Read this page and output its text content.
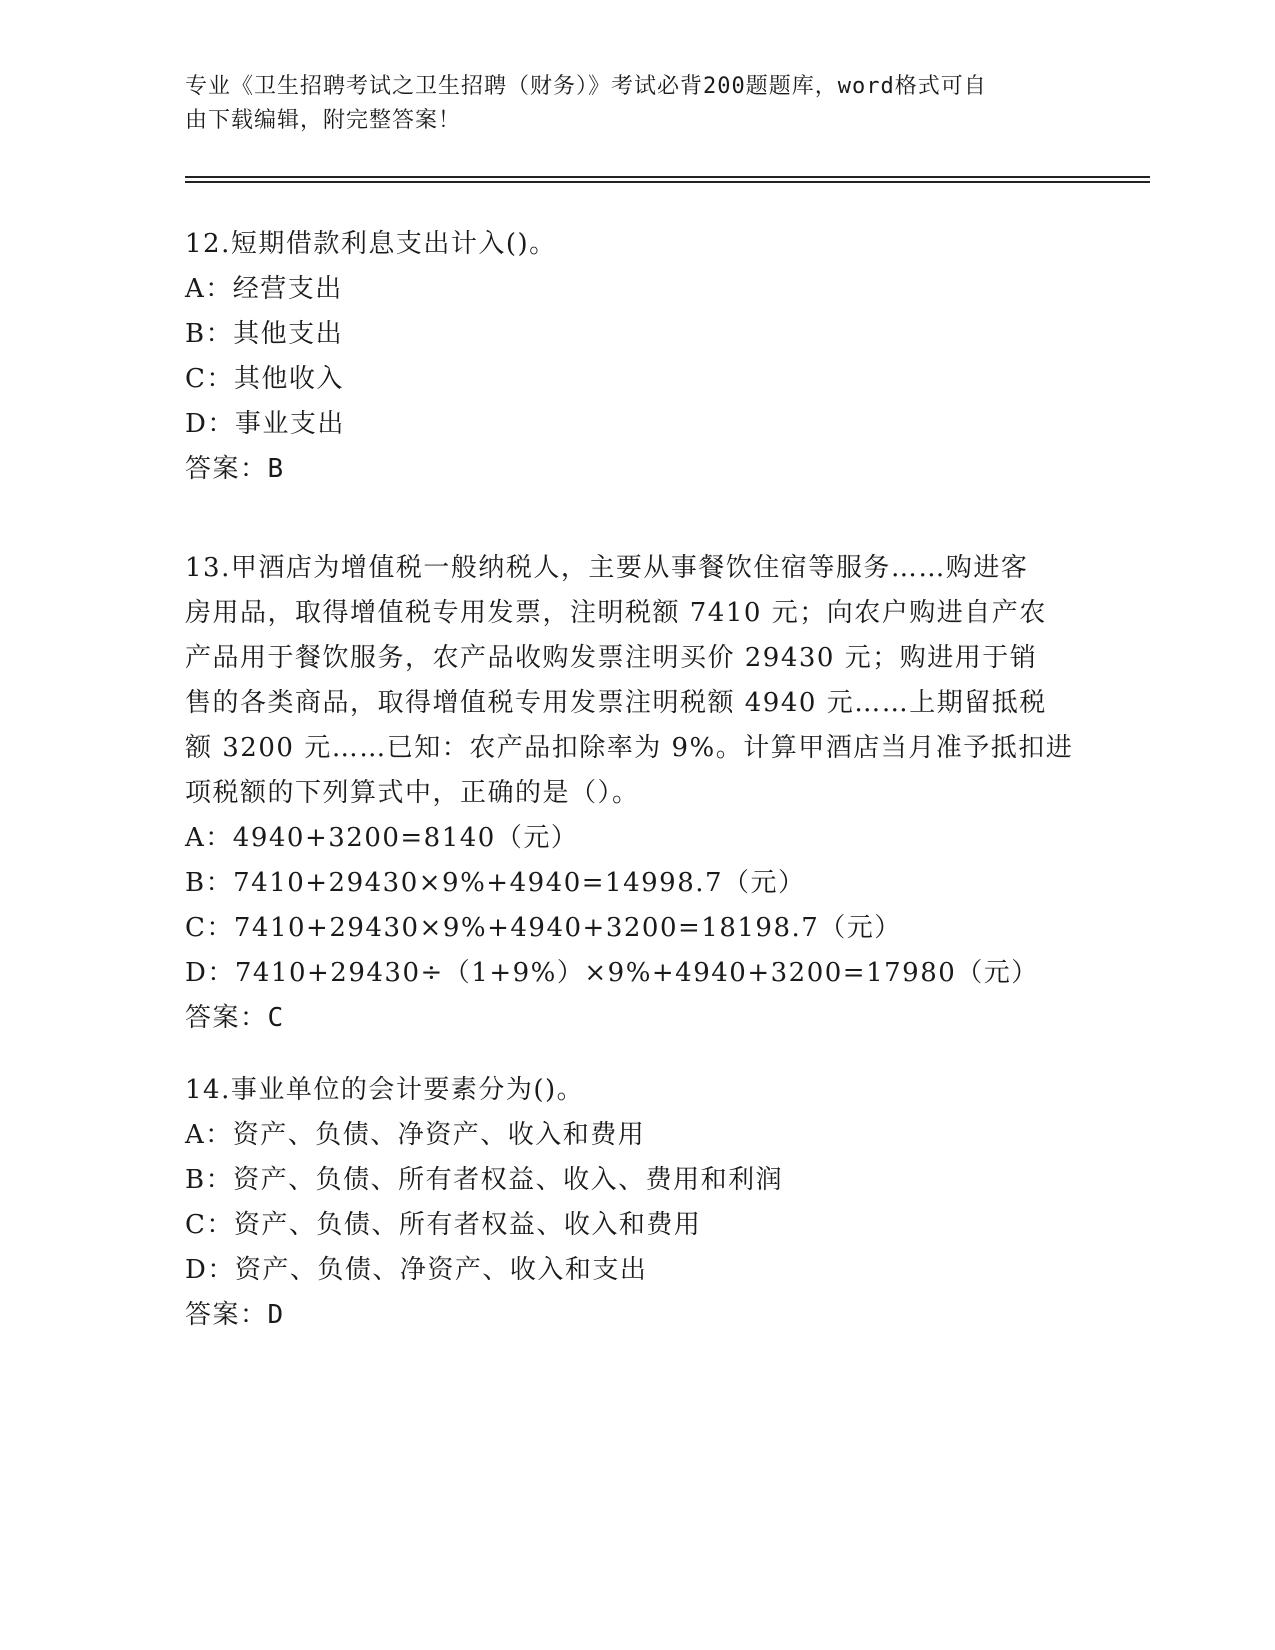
专业《卫生招聘考试之卫生招聘（财务）》考试必背200题题库，word格式可自
由下载编辑，附完整答案！

12.短期借款利息支出计入()。

A：经营支出

B：其他支出

C：其他收入

D：事业支出

答案：B

13.甲酒店为增值税一般纳税人，主要从事餐饮住宿等服务……购进客

房用品，取得增值税专用发票，注明税额 7410 元；向农户购进自产农

产品用于餐饮服务，农产品收购发票注明买价 29430 元；购进用于销

售的各类商品，取得增值税专用发票注明税额 4940 元……上期留抵税

额 3200 元……已知：农产品扣除率为 9%。计算甲酒店当月准予抵扣进

项税额的下列算式中，正确的是（）。

A：4940+3200=8140（元）

B：7410+29430×9%+4940=14998.7（元）

C：7410+29430×9%+4940+3200=18198.7（元）

D：7410+29430÷（1+9%）×9%+4940+3200=17980（元）

答案：C

14.事业单位的会计要素分为()。

A：资产、负债、净资产、收入和费用

B：资产、负债、所有者权益、收入、费用和利润

C：资产、负债、所有者权益、收入和费用

D：资产、负债、净资产、收入和支出

答案：D
